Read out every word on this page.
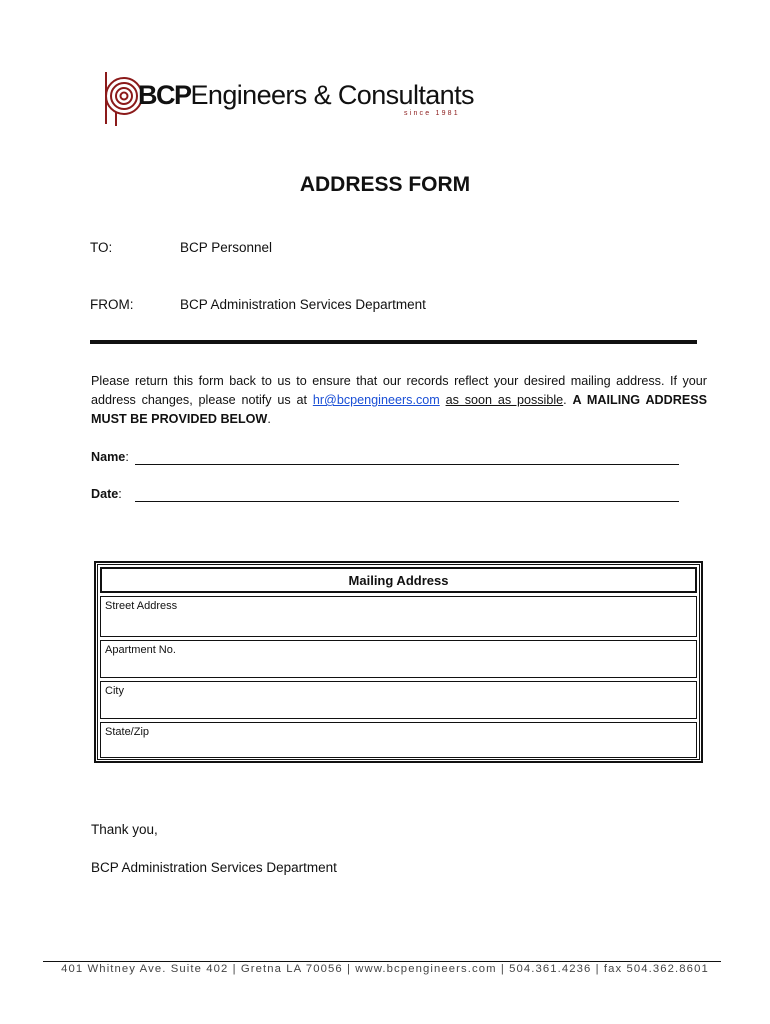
BCPEngineers & Consultants
since 1981
ADDRESS FORM
TO:	BCP Personnel
FROM:	BCP Administration Services Department
Please return this form back to us to ensure that our records reflect your desired mailing address. If your address changes, please notify us at hr@bcpengineers.com as soon as possible. A MAILING ADDRESS MUST BE PROVIDED BELOW.
Name:
Date:
Mailing Address
Street Address
Apartment No.
City
State/Zip
Thank you,
BCP Administration Services Department
401 Whitney Ave. Suite 402 | Gretna LA 70056 | www.bcpengineers.com | 504.361.4236 | fax 504.362.8601
